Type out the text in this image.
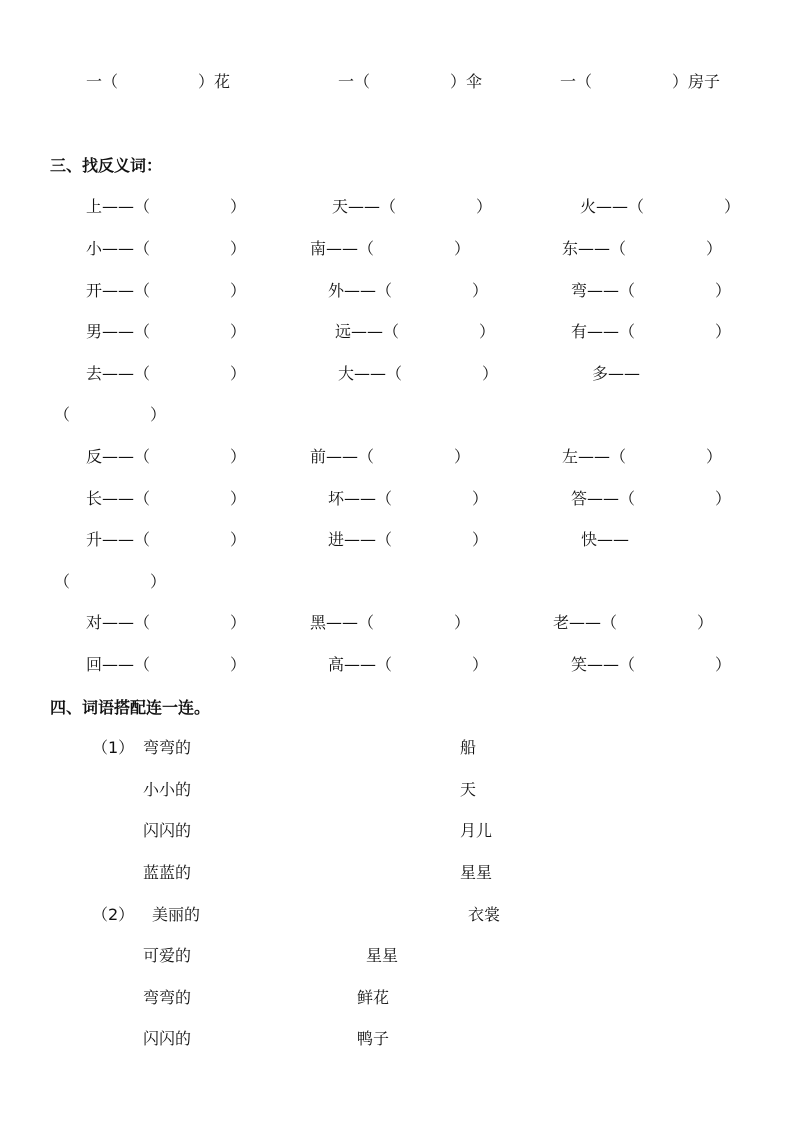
一（　　　　　）花	一（　　　　　）伞	一（　　　　　）房子
三、找反义词：
上——（　　　　　）	天——（　　　　　）	火——（　　　　　）
小——（　　　　　）	南——（　　　　　）	东——（　　　　　）
开——（　　　　　）	外——（　　　　　）	弯——（　　　　　）
男——（　　　　　）	远——（　　　　　）	有——（　　　　　）
去——（　　　　　）	大——（　　　　　）	多——
（　　　　　）
反——（　　　　　）	前——（　　　　　）	左——（　　　　　）
长——（　　　　　）	坏——（　　　　　）	答——（　　　　　）
升——（　　　　　）	进——（　　　　　）	快——
（　　　　　）
对——（　　　　　）	黑——（　　　　　）	老——（　　　　　）
回——（　　　　　）	高——（　　　　　）	笑——（　　　　　）
四、词语搭配连一连。
（1） 弯弯的	船
小小的	天
闪闪的	月儿
蓝蓝的	星星
（2） 美丽的	衣裳
可爱的	星星
弯弯的	鲜花
闪闪的	鸭子
